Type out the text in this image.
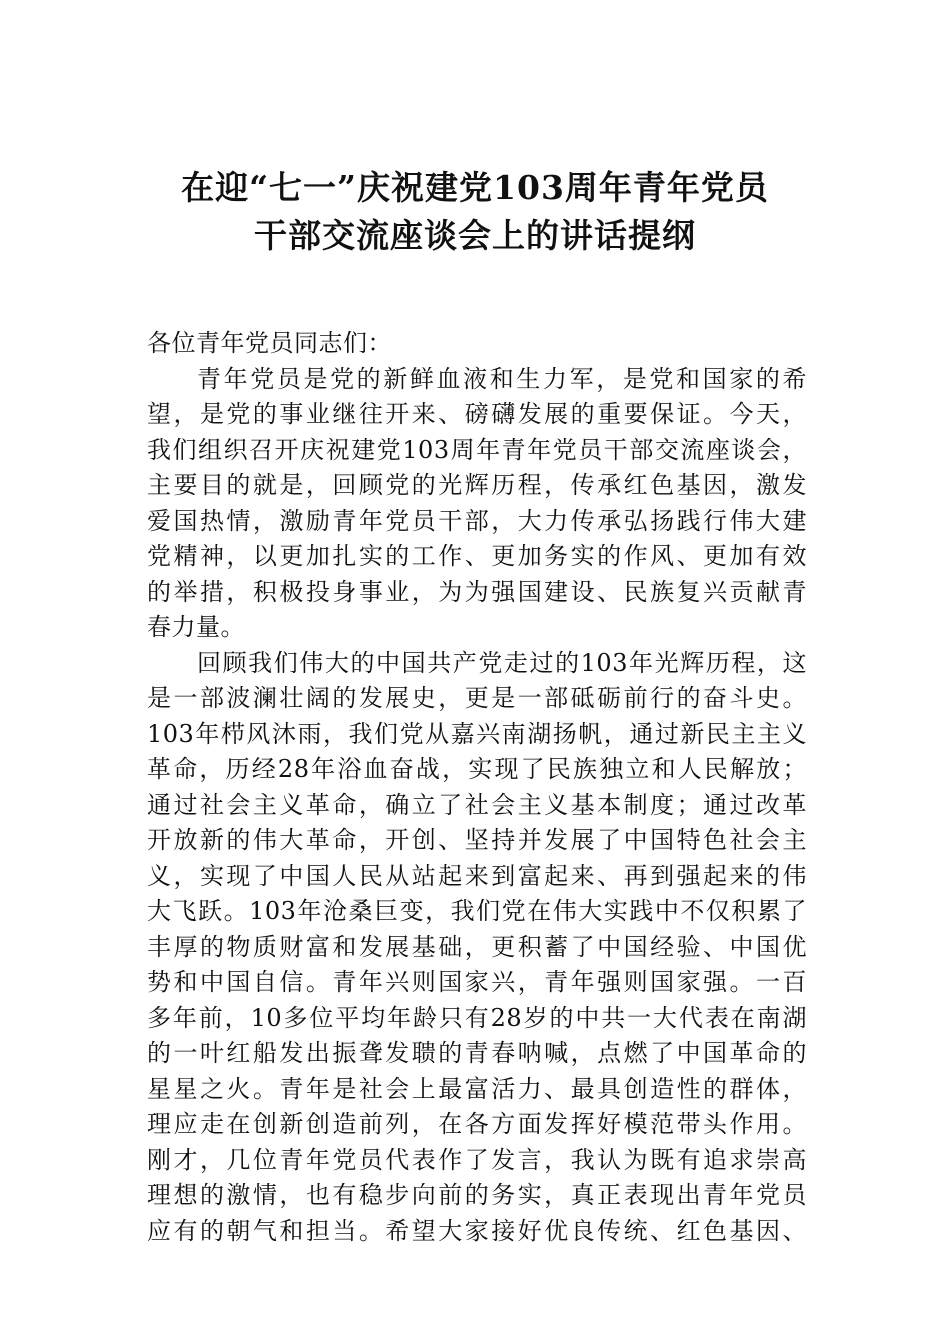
在迎“七一”庆祝建党103周年青年党员
干部交流座谈会上的讲话提纲
各位青年党员同志们：
青年党员是党的新鲜血液和生力军，是党和国家的希
望，是党的事业继往开来、磅礴发展的重要保证。今天，
我们组织召开庆祝建党103周年青年党员干部交流座谈会，
主要目的就是，回顾党的光辉历程，传承红色基因，激发
爱国热情，激励青年党员干部，大力传承弘扬践行伟大建
党精神，以更加扎实的工作、更加务实的作风、更加有效
的举措，积极投身事业，为为强国建设、民族复兴贡献青
春力量。
回顾我们伟大的中国共产党走过的103年光辉历程，这
是一部波澜壮阔的发展史，更是一部砥砺前行的奋斗史。
103年栉风沐雨，我们党从嘉兴南湖扬帆，通过新民主主义
革命，历经28年浴血奋战，实现了民族独立和人民解放；
通过社会主义革命，确立了社会主义基本制度；通过改革
开放新的伟大革命，开创、坚持并发展了中国特色社会主
义，实现了中国人民从站起来到富起来、再到强起来的伟
大飞跃。103年沧桑巨变，我们党在伟大实践中不仅积累了
丰厚的物质财富和发展基础，更积蓄了中国经验、中国优
势和中国自信。青年兴则国家兴，青年强则国家强。一百
多年前，10多位平均年龄只有28岁的中共一大代表在南湖
的一叶红船发出振聋发聩的青春呐喊，点燃了中国革命的
星星之火。青年是社会上最富活力、最具创造性的群体，
理应走在创新创造前列，在各方面发挥好模范带头作用。
刚才，几位青年党员代表作了发言，我认为既有追求崇高
理想的激情，也有稳步向前的务实，真正表现出青年党员
应有的朝气和担当。希望大家接好优良传统、红色基因、
